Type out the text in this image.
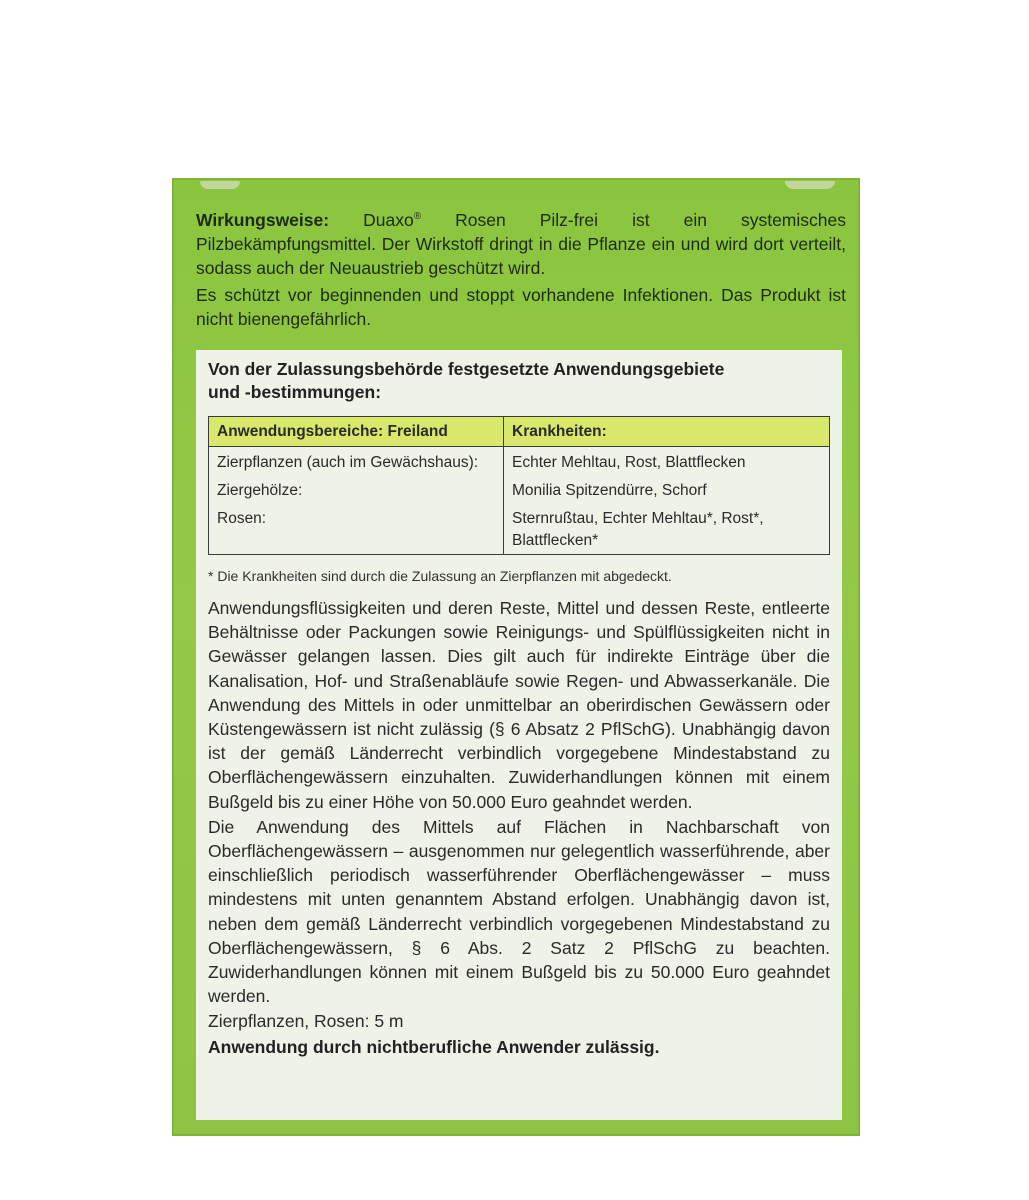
Wirkungsweise: Duaxo® Rosen Pilz-frei ist ein systemisches Pilzbekämpfungsmittel. Der Wirkstoff dringt in die Pflanze ein und wird dort verteilt, sodass auch der Neuaustrieb geschützt wird.

Es schützt vor beginnenden und stoppt vorhandene Infektionen. Das Produkt ist nicht bienengefährlich.

Von der Zulassungsbehörde festgesetzte Anwendungsgebiete
und -bestimmungen:
Anwendungsbereiche: Freiland	Krankheiten:
Zierpflanzen (auch im Gewächshaus):	Echter Mehltau, Rost, Blattflecken
Ziergehölze:	Monilia Spitzendürre, Schorf
Rosen:	Sternrußtau, Echter Mehltau*, Rost*, Blattflecken*
* Die Krankheiten sind durch die Zulassung an Zierpflanzen mit abgedeckt.

Anwendungsflüssigkeiten und deren Reste, Mittel und dessen Reste, entleerte Behältnisse oder Packungen sowie Reinigungs- und Spülflüssigkeiten nicht in Gewässer gelangen lassen. Dies gilt auch für indirekte Einträge über die Kanalisation, Hof- und Straßenabläufe sowie Regen- und Abwasserkanäle. Die Anwendung des Mittels in oder unmittelbar an oberirdischen Gewässern oder Küstengewässern ist nicht zulässig (§ 6 Absatz 2 PflSchG). Unabhängig davon ist der gemäß Länderrecht verbindlich vorgegebene Mindestabstand zu Oberflächengewässern einzuhalten. Zuwiderhandlungen können mit einem Bußgeld bis zu einer Höhe von 50.000 Euro geahndet werden.

Die Anwendung des Mittels auf Flächen in Nachbarschaft von Oberflächengewässern – ausgenommen nur gelegentlich wasserführende, aber einschließlich periodisch wasserführender Oberflächengewässer – muss mindestens mit unten genanntem Abstand erfolgen. Unabhängig davon ist, neben dem gemäß Länderrecht verbindlich vorgegebenen Mindestabstand zu Oberflächengewässern, § 6 Abs. 2 Satz 2 PflSchG zu beachten. Zuwiderhandlungen können mit einem Bußgeld bis zu 50.000 Euro geahndet werden.

Zierpflanzen, Rosen: 5 m

Anwendung durch nichtberufliche Anwender zulässig.
